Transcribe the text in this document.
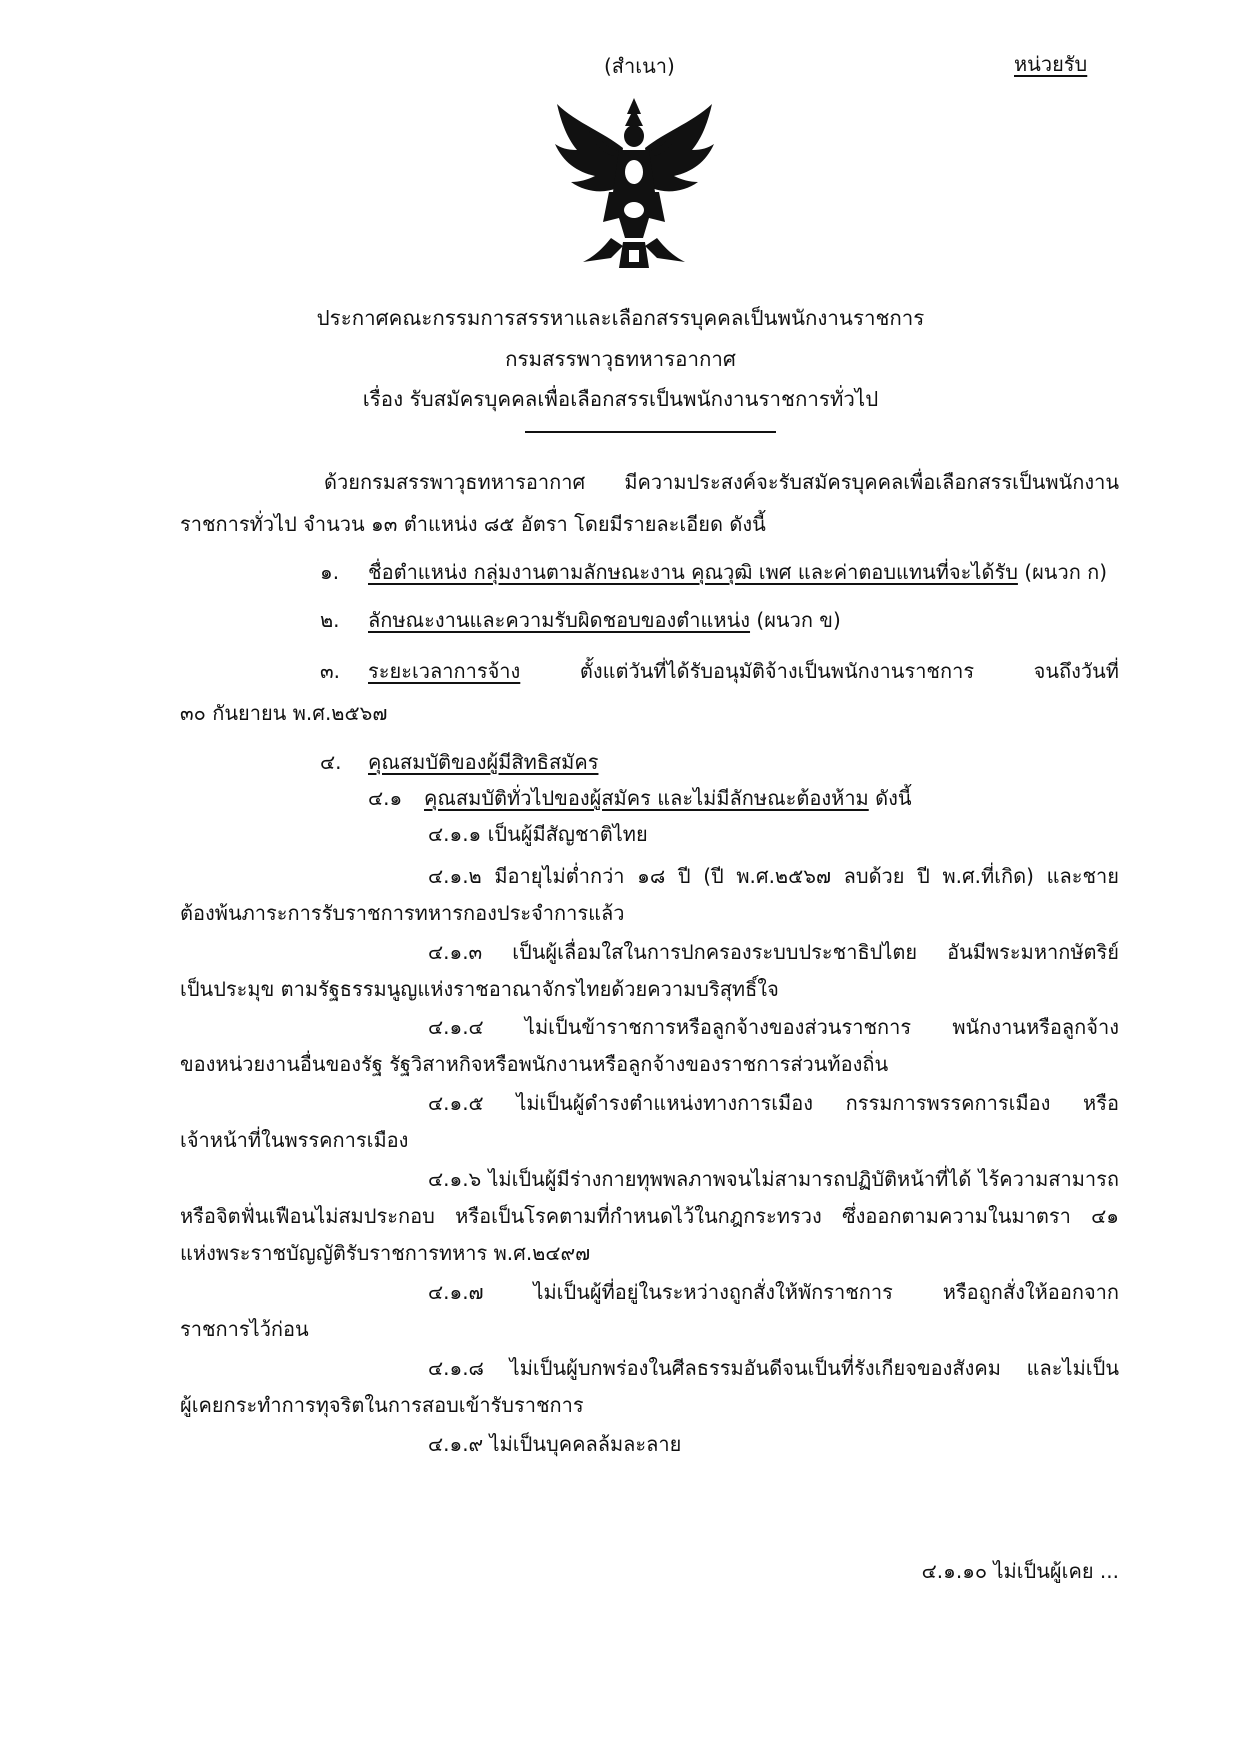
(สำเนา)	หน่วยรับ
ประกาศคณะกรรมการสรรหาและเลือกสรรบุคคลเป็นพนักงานราชการ
กรมสรรพาวุธทหารอากาศ
เรื่อง รับสมัครบุคคลเพื่อเลือกสรรเป็นพนักงานราชการทั่วไป
ด้วยกรมสรรพาวุธทหารอากาศ มีความประสงค์จะรับสมัครบุคคลเพื่อเลือกสรรเป็นพนักงาน
ราชการทั่วไป จำนวน ๑๓ ตำแหน่ง ๘๕ อัตรา โดยมีรายละเอียด ดังนี้
๑. ชื่อตำแหน่ง กลุ่มงานตามลักษณะงาน คุณวุฒิ เพศ และค่าตอบแทนที่จะได้รับ (ผนวก ก)
๒. ลักษณะงานและความรับผิดชอบของตำแหน่ง (ผนวก ข)
๓. ระยะเวลาการจ้าง ตั้งแต่วันที่ได้รับอนุมัติจ้างเป็นพนักงานราชการ จนถึงวันที่
๓๐ กันยายน พ.ศ.๒๕๖๗
๔. คุณสมบัติของผู้มีสิทธิสมัคร
๔.๑ คุณสมบัติทั่วไปของผู้สมัคร และไม่มีลักษณะต้องห้าม ดังนี้
๔.๑.๑ เป็นผู้มีสัญชาติไทย
๔.๑.๒ มีอายุไม่ต่ำกว่า ๑๘ ปี (ปี พ.ศ.๒๕๖๗ ลบด้วย ปี พ.ศ.ที่เกิด) และชาย
ต้องพ้นภาระการรับราชการทหารกองประจำการแล้ว
๔.๑.๓ เป็นผู้เลื่อมใสในการปกครองระบบประชาธิปไตย อันมีพระมหากษัตริย์
เป็นประมุข ตามรัฐธรรมนูญแห่งราชอาณาจักรไทยด้วยความบริสุทธิ์ใจ
๔.๑.๔ ไม่เป็นข้าราชการหรือลูกจ้างของส่วนราชการ พนักงานหรือลูกจ้าง
ของหน่วยงานอื่นของรัฐ รัฐวิสาหกิจหรือพนักงานหรือลูกจ้างของราชการส่วนท้องถิ่น
๔.๑.๕ ไม่เป็นผู้ดำรงตำแหน่งทางการเมือง กรรมการพรรคการเมือง หรือ
เจ้าหน้าที่ในพรรคการเมือง
๔.๑.๖ ไม่เป็นผู้มีร่างกายทุพพลภาพจนไม่สามารถปฏิบัติหน้าที่ได้ ไร้ความสามารถ
หรือจิตฟั่นเฟือนไม่สมประกอบ หรือเป็นโรคตามที่กำหนดไว้ในกฎกระทรวง ซึ่งออกตามความในมาตรา ๔๑
แห่งพระราชบัญญัติรับราชการทหาร พ.ศ.๒๔๙๗
๔.๑.๗ ไม่เป็นผู้ที่อยู่ในระหว่างถูกสั่งให้พักราชการ หรือถูกสั่งให้ออกจาก
ราชการไว้ก่อน
๔.๑.๘ ไม่เป็นผู้บกพร่องในศีลธรรมอันดีจนเป็นที่รังเกียจของสังคม และไม่เป็น
ผู้เคยกระทำการทุจริตในการสอบเข้ารับราชการ
๔.๑.๙ ไม่เป็นบุคคลล้มละลาย
๔.๑.๑๐ ไม่เป็นผู้เคย ...
